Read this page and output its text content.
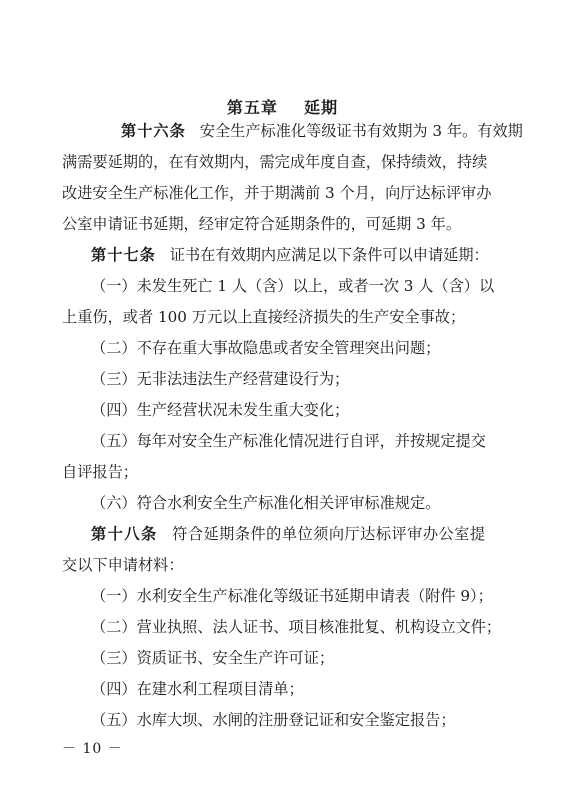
第五章    延期
第十六条 安全生产标准化等级证书有效期为 3 年。有效期
满需要延期的，在有效期内，需完成年度自查，保持绩效，持续
改进安全生产标准化工作，并于期满前 3 个月，向厅达标评审办
公室申请证书延期，经审定符合延期条件的，可延期 3 年。
第十七条 证书在有效期内应满足以下条件可以申请延期：
（一）未发生死亡 1 人（含）以上，或者一次 3 人（含）以
上重伤，或者 100 万元以上直接经济损失的生产安全事故；
（二）不存在重大事故隐患或者安全管理突出问题；
（三）无非法违法生产经营建设行为；
（四）生产经营状况未发生重大变化；
（五）每年对安全生产标准化情况进行自评，并按规定提交
自评报告；
（六）符合水利安全生产标准化相关评审标准规定。
第十八条 符合延期条件的单位须向厅达标评审办公室提
交以下申请材料：
（一）水利安全生产标准化等级证书延期申请表（附件 9）；
（二）营业执照、法人证书、项目核准批复、机构设立文件；
（三）资质证书、安全生产许可证；
（四）在建水利工程项目清单；
（五）水库大坝、水闸的注册登记证和安全鉴定报告；
－ 10 －
